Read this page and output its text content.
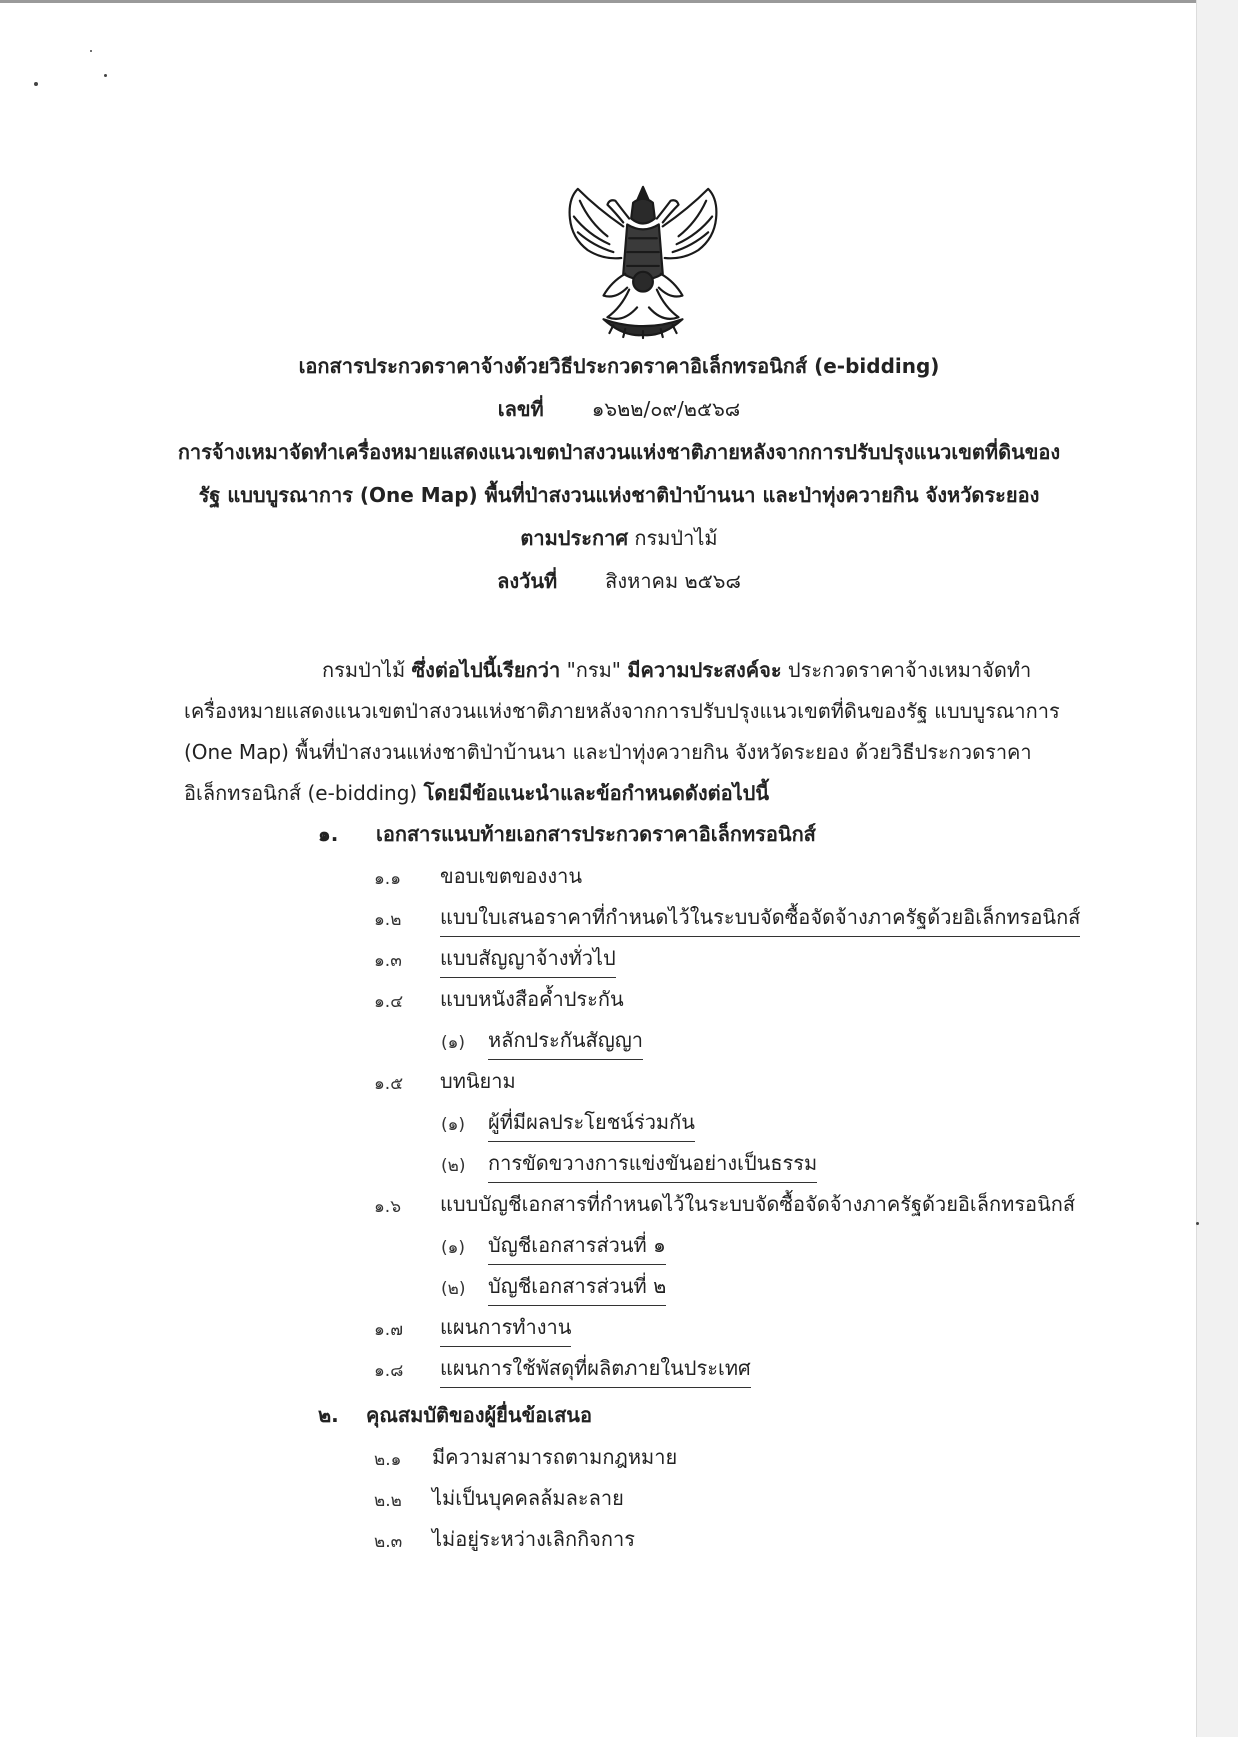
เอกสารประกวดราคาจ้างด้วยวิธีประกวดราคาอิเล็กทรอนิกส์ (e-bidding)
เลขที่ ๑๖๒๒/๐๙/๒๕๖๘
การจ้างเหมาจัดทำเครื่องหมายแสดงแนวเขตป่าสงวนแห่งชาติภายหลังจากการปรับปรุงแนวเขตที่ดินของ
รัฐ แบบบูรณาการ (One Map) พื้นที่ป่าสงวนแห่งชาติป่าบ้านนา และป่าทุ่งควายกิน จังหวัดระยอง
ตามประกาศ กรมป่าไม้
ลงวันที่ สิงหาคม ๒๕๖๘
กรมป่าไม้ ซึ่งต่อไปนี้เรียกว่า "กรม" มีความประสงค์จะ ประกวดราคาจ้างเหมาจัดทำ
เครื่องหมายแสดงแนวเขตป่าสงวนแห่งชาติภายหลังจากการปรับปรุงแนวเขตที่ดินของรัฐ แบบบูรณาการ
(One Map) พื้นที่ป่าสงวนแห่งชาติป่าบ้านนา และป่าทุ่งควายกิน จังหวัดระยอง ด้วยวิธีประกวดราคา
อิเล็กทรอนิกส์ (e-bidding) โดยมีข้อแนะนำและข้อกำหนดดังต่อไปนี้
๑. เอกสารแนบท้ายเอกสารประกวดราคาอิเล็กทรอนิกส์
๑.๑ ขอบเขตของงาน
๑.๒ แบบใบเสนอราคาที่กำหนดไว้ในระบบจัดซื้อจัดจ้างภาครัฐด้วยอิเล็กทรอนิกส์
๑.๓ แบบสัญญาจ้างทั่วไป
๑.๔ แบบหนังสือค้ำประกัน
(๑) หลักประกันสัญญา
๑.๕ บทนิยาม
(๑) ผู้ที่มีผลประโยชน์ร่วมกัน
(๒) การขัดขวางการแข่งขันอย่างเป็นธรรม
๑.๖ แบบบัญชีเอกสารที่กำหนดไว้ในระบบจัดซื้อจัดจ้างภาครัฐด้วยอิเล็กทรอนิกส์
(๑) บัญชีเอกสารส่วนที่ ๑
(๒) บัญชีเอกสารส่วนที่ ๒
๑.๗ แผนการทำงาน
๑.๘ แผนการใช้พัสดุที่ผลิตภายในประเทศ
๒. คุณสมบัติของผู้ยื่นข้อเสนอ
๒.๑ มีความสามารถตามกฎหมาย
๒.๒ ไม่เป็นบุคคลล้มละลาย
๒.๓ ไม่อยู่ระหว่างเลิกกิจการ
